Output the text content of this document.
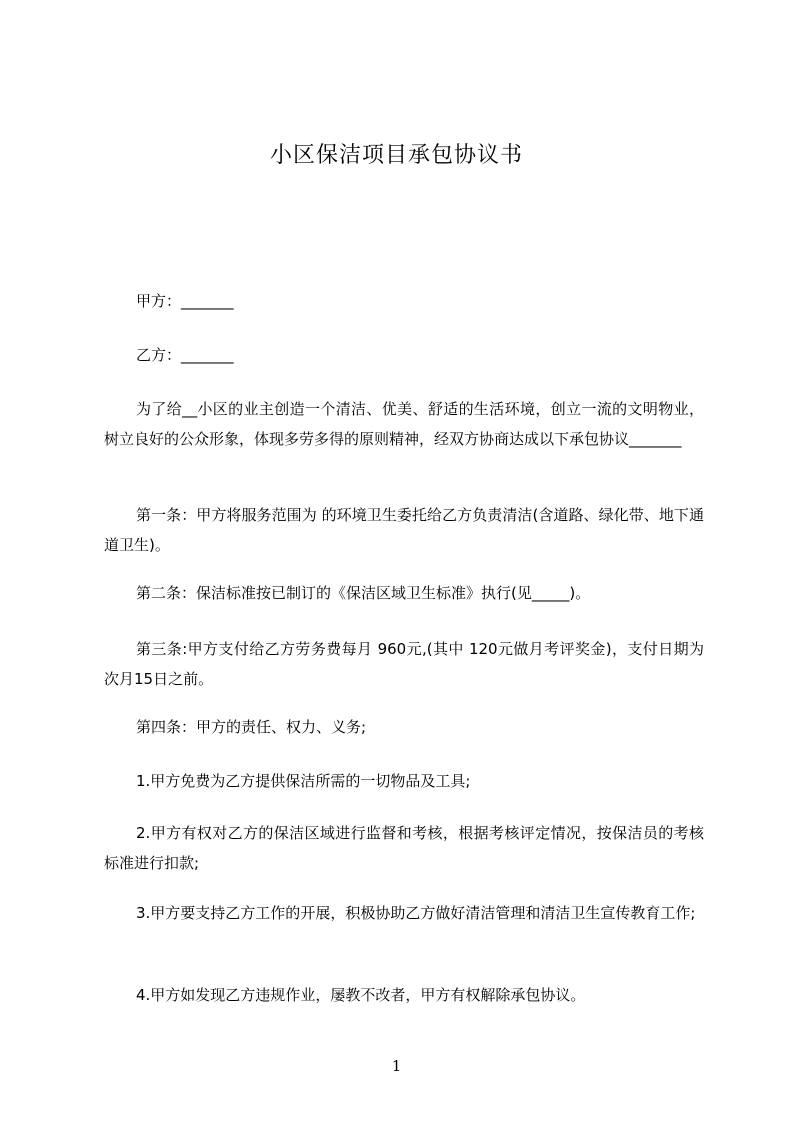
小区保洁项目承包协议书
甲方：_______
乙方：_______
为了给__小区的业主创造一个清洁、优美、舒适的生活环境，创立一流的文明物业，树立良好的公众形象，体现多劳多得的原则精神，经双方协商达成以下承包协议_______
第一条：甲方将服务范围为 的环境卫生委托给乙方负责清洁(含道路、绿化带、地下通道卫生)。
第二条：保洁标准按已制订的《保洁区域卫生标准》执行(见_____)。
第三条:甲方支付给乙方劳务费每月 960元,(其中 120元做月考评奖金)，支付日期为次月15日之前。
第四条：甲方的责任、权力、义务;
1.甲方免费为乙方提供保洁所需的一切物品及工具;
2.甲方有权对乙方的保洁区域进行监督和考核，根据考核评定情况，按保洁员的考核标准进行扣款;
3.甲方要支持乙方工作的开展，积极协助乙方做好清洁管理和清洁卫生宣传教育工作;
4.甲方如发现乙方违规作业，屡教不改者，甲方有权解除承包协议。
1
